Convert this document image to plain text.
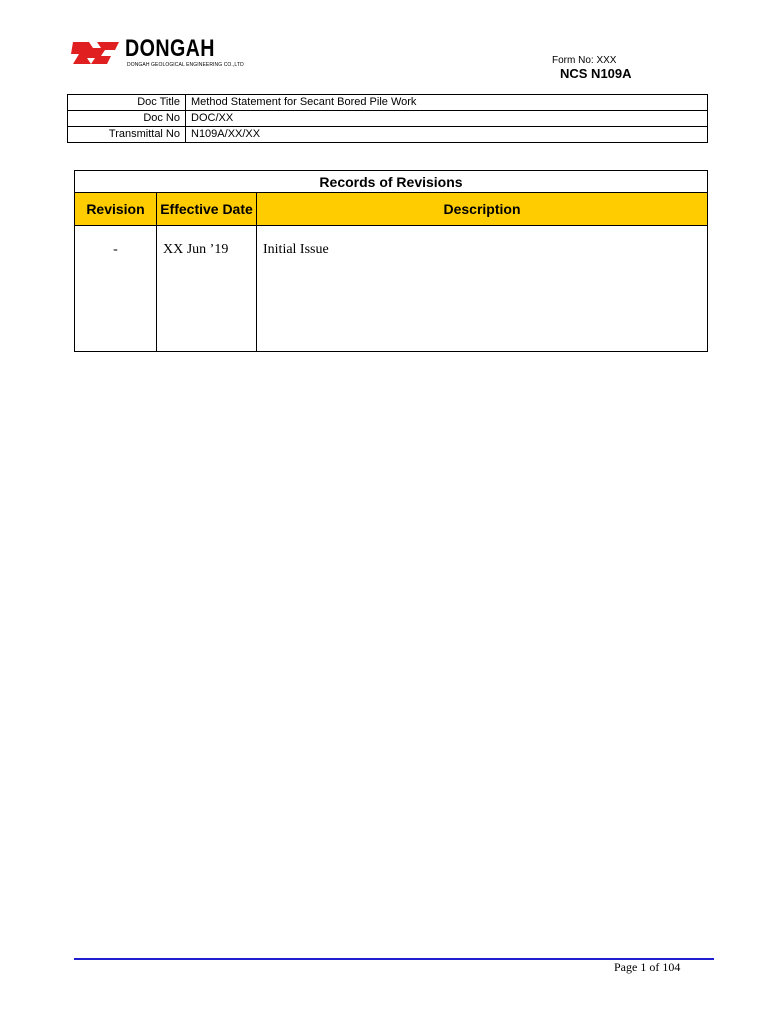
DONGAH
DONGAH GEOLOGICAL ENGINEERING CO.,LTD	Form No: XXX
NCS N109A
Doc Title	Method Statement for Secant Bored Pile Work
Doc No	DOC/XX
Transmittal No	N109A/XX/XX
Records of Revisions		
Revision	Effective Date	Description
-	XX Jun ’19	Initial Issue
Page 1 of 104
